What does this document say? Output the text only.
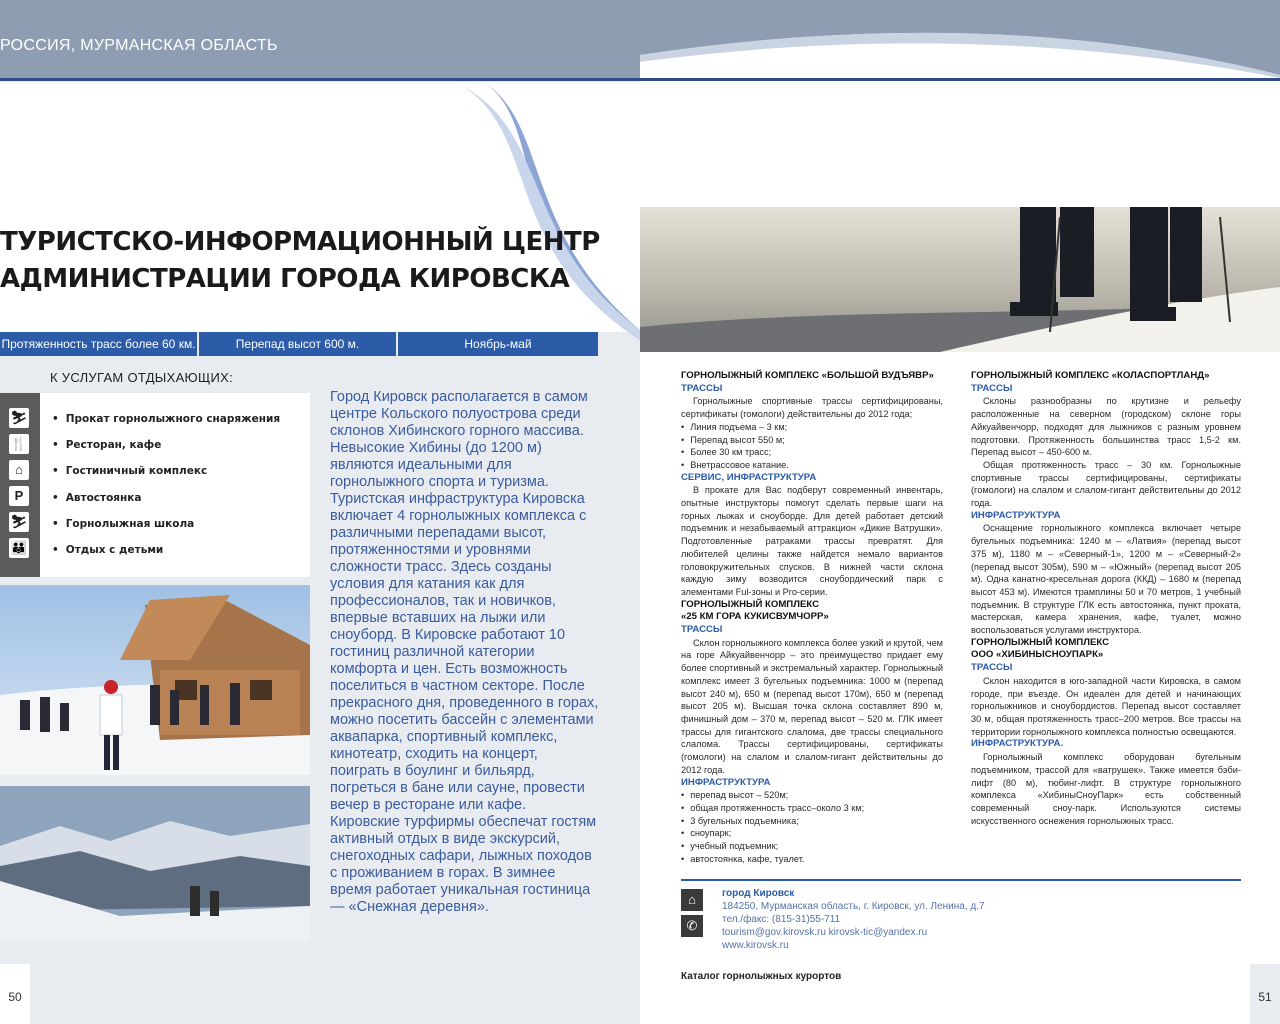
РОССИЯ, МУРМАНСКАЯ ОБЛАСТЬ
ТУРИСТСКО-ИНФОРМАЦИОННЫЙ ЦЕНТР
АДМИНИСТРАЦИИ ГОРОДА КИРОВСКА
Протяженность трасс более 60 км.	Перепад высот 600 м.	Ноябрь-май
К УСЛУГАМ ОТДЫХАЮЩИХ:
⛷
🍴
⌂
P
⛷
👪
• Прокат горнолыжного снаряжения
• Ресторан, кафе
• Гостиничный комплекс
• Автостоянка
• Горнолыжная школа
• Отдых с детьми
Город Кировск располагается в самом центре Кольского полуострова среди склонов Хибинского горного массива. Невысокие Хибины (до 1200 м) являются идеальными для горнолыжного спорта и туризма. Туристская инфраструктура Кировска включает 4 горнолыжных комплекса с различными перепадами высот, протяженностями и уровнями сложности трасс. Здесь созданы условия для катания как для профессионалов, так и новичков, впервые вставших на лыжи или сноуборд. В Кировске работают 10 гостиниц различной категории комфорта и цен. Есть возможность поселиться в частном секторе. После прекрасного дня, проведенного в горах, можно посетить бассейн с элементами аквапарка, спортивный комплекс, кинотеатр, сходить на концерт, поиграть в боулинг и бильярд, погреться в бане или сауне, провести вечер в ресторане или кафе. Кировские турфирмы обеспечат гостям активный отдых в виде экскурсий, снегоходных сафари, лыжных походов с проживанием в горах. В зимнее время работает уникальная гостиница — «Снежная деревня».
50
ГОРНОЛЫЖНЫЙ КОМПЛЕКС «БОЛЬШОЙ ВУДЪЯВР»
ТРАССЫ

Горнолыжные спортивные трассы сертифицированы, сертификаты (гомологи) действительны до 2012 года;

• Линия подъема – 3 км;
• Перепад высот 550 м;
• Более 30 км трасс;
• Внетрассовое катание.
СЕРВИС, ИНФРАСТРУКТУРА

В прокате для Вас подберут современный инвентарь, опытные инструкторы помогут сделать первые шаги на горных лыжах и сноуборде. Для детей работает детский подъемник и незабываемый аттракцион «Дикие Ватрушки». Подготовленные ратраками трассы превратят. Для любителей целины также найдется немало вариантов головокружительных спусков. В нижней части склона каждую зиму возводится сноубордический парк с элементами Ful-зоны и Pro-серии.

ГОРНОЛЫЖНЫЙ КОМПЛЕКС
«25 КМ ГОРА КУКИСВУМЧОРР»
ТРАССЫ

Склон горнолыжного комплекса более узкий и крутой, чем на горе Айкуайвенчорр – это преимущество придает ему более спортивный и экстремальный характер. Горнолыжный комплекс имеет 3 бугельных подъемника: 1000 м (перепад высот 240 м), 650 м (перепад высот 170м), 650 м (перепад высот 205 м). Высшая точка склона составляет 890 м, финишный дом – 370 м, перепад высот – 520 м. ГЛК имеет трассы для гигантского слалома, две трассы специального слалома. Трассы сертифицированы, сертификаты (гомологи) на слалом и слалом-гигант действительны до 2012 года.

ИНФРАСТРУКТУРА
• перепад высот – 520м;
• общая протяженность трасс–около 3 км;
• 3 бугельных подъемника;
• сноупарк;
• учебный подъемник;
• автостоянка, кафе, туалет.
ГОРНОЛЫЖНЫЙ КОМПЛЕКС «КОЛАСПОРТЛАНД»
ТРАССЫ

Склоны разнообразны по крутизне и рельефу расположенные на северном (городском) склоне горы Айкуайвенчорр, подходят для лыжников с разным уровнем подготовки. Протяженность большинства трасс 1,5-2 км. Перепад высот – 450-600 м.

Общая протяженность трасс – 30 км. Горнолыжные спортивные трассы сертифицированы, сертификаты (гомологи) на слалом и слалом-гигант действительны до 2012 года.

ИНФРАСТРУКТУРА

Оснащение горнолыжного комплекса включает четыре бугельных подъемника: 1240 м – «Латвия» (перепад высот 375 м), 1180 м – «Северный-1», 1200 м – «Северный-2» (перепад высот 305м), 590 м – «Южный» (перепад высот 205 м). Одна канатно-кресельная дорога (ККД) – 1680 м (перепад высот 453 м). Имеются трамплины 50 и 70 метров, 1 учебный подъемник. В структуре ГЛК есть автостоянка, пункт проката, мастерская, камера хранения, кафе, туалет, можно воспользоваться услугами инструктора.

ГОРНОЛЫЖНЫЙ КОМПЛЕКС
ООО «ХИБИНЫСНОУПАРК»
ТРАССЫ

Склон находится в юго-западной части Кировска, в самом городе, при въезде. Он идеален для детей и начинающих горнолыжников и сноубордистов. Перепад высот составляет 30 м, общая протяженность трасс–200 метров. Все трассы на территории горнолыжного комплекса полностью освещаются.

ИНФРАСТРУКТУРА.

Горнолыжный комплекс оборудован бугельным подъемником, трассой для «ватрушек». Также имеется бэби-лифт (80 м), тюбинг-лифт. В структуре горнолыжного комплекса «ХибиныСноуПарк» есть собственный современный сноу-парк. Используются системы искусственного оснежения горнолыжных трасс.

⌂
✆
город Кировск
184250, Мурманская область, г. Кировск, ул. Ленина, д.7
тел./факс: (815-31)55-711
tourism@gov.kirovsk.ru kirovsk-tic@yandex.ru
www.kirovsk.ru
Каталог горнолыжных курортов
51
